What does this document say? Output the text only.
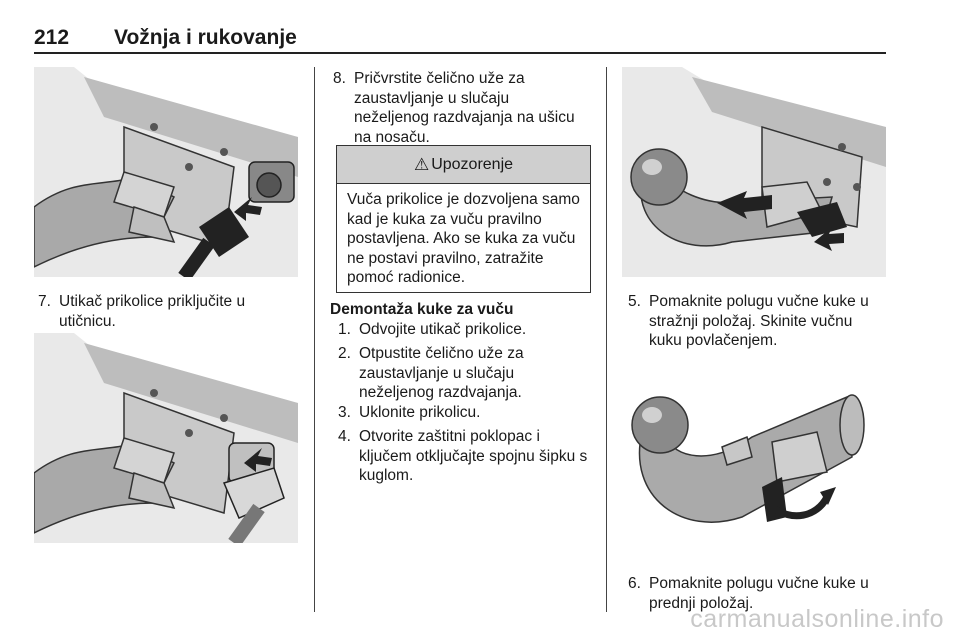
212 Vožnja i rukovanje
7. Utikač prikolice priključite u
utičnicu.
8. Pričvrstite čelično uže za
zaustavljanje u slučaju
neželjenog razdvajanja na ušicu
na nosaču.
⚠ Upozorenje
Vuča prikolice je dozvoljena samo
kad je kuka za vuču pravilno
postavljena. Ako se kuka za vuču
ne postavi pravilno, zatražite
pomoć radionice.
Demontaža kuke za vuču
1. Odvojite utikač prikolice.
2. Otpustite čelično uže za
zaustavljanje u slučaju
neželjenog razdvajanja.
3. Uklonite prikolicu.
4. Otvorite zaštitni poklopac i
ključem otključajte spojnu šipku s
kuglom.
5. Pomaknite polugu vučne kuke u
stražnji položaj. Skinite vučnu
kuku povlačenjem.
6. Pomaknite polugu vučne kuke u
prednji položaj.
carmanualsonline.info
